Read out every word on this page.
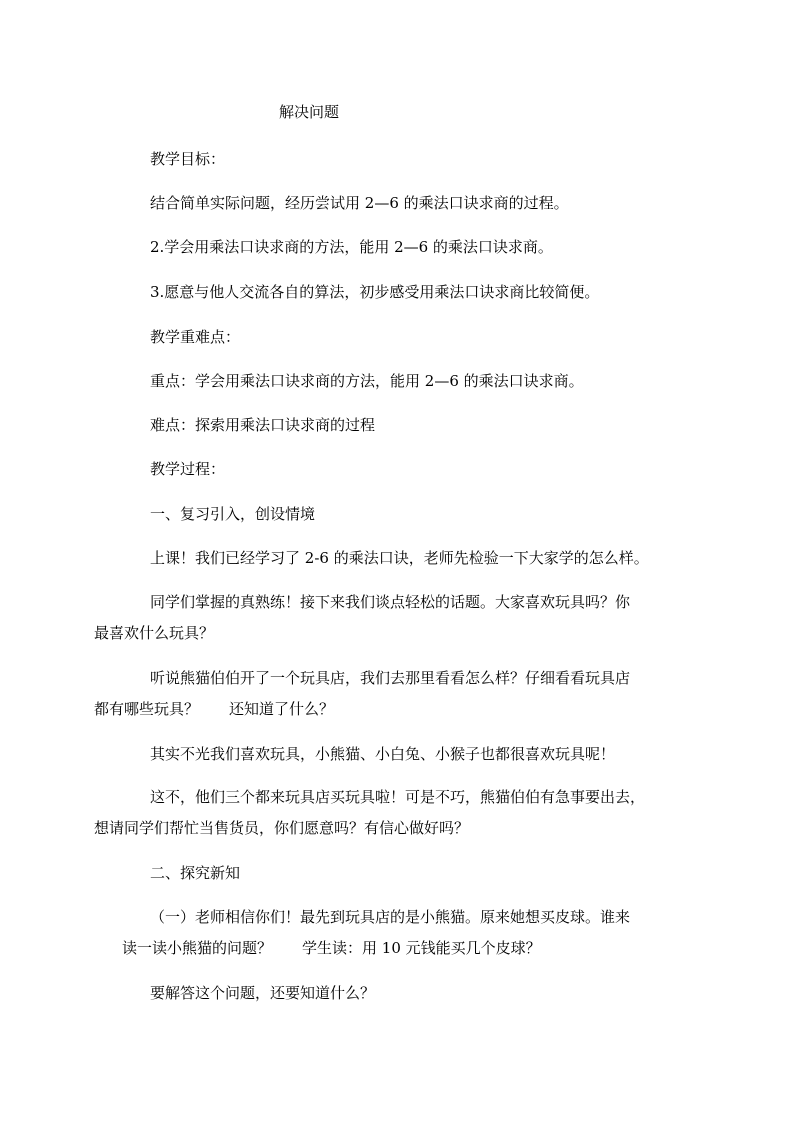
解决问题
教学目标：
结合简单实际问题，经历尝试用 2—6 的乘法口诀求商的过程。
2.学会用乘法口诀求商的方法，能用 2—6 的乘法口诀求商。
3.愿意与他人交流各自的算法，初步感受用乘法口诀求商比较简便。
教学重难点：
重点：学会用乘法口诀求商的方法，能用 2—6 的乘法口诀求商。
难点：探索用乘法口诀求商的过程
教学过程：
一、复习引入，创设情境
上课！我们已经学习了 2-6 的乘法口诀，老师先检验一下大家学的怎么样。
同学们掌握的真熟练！接下来我们谈点轻松的话题。大家喜欢玩具吗？你
最喜欢什么玩具？
听说熊猫伯伯开了一个玩具店，我们去那里看看怎么样？仔细看看玩具店
都有哪些玩具？　　还知道了什么？
其实不光我们喜欢玩具，小熊猫、小白兔、小猴子也都很喜欢玩具呢！
这不，他们三个都来玩具店买玩具啦！可是不巧，熊猫伯伯有急事要出去，
想请同学们帮忙当售货员，你们愿意吗？有信心做好吗？
二、探究新知
（一）老师相信你们！最先到玩具店的是小熊猫。原来她想买皮球。谁来
读一读小熊猫的问题？　　学生读：用 10 元钱能买几个皮球？
要解答这个问题，还要知道什么？
